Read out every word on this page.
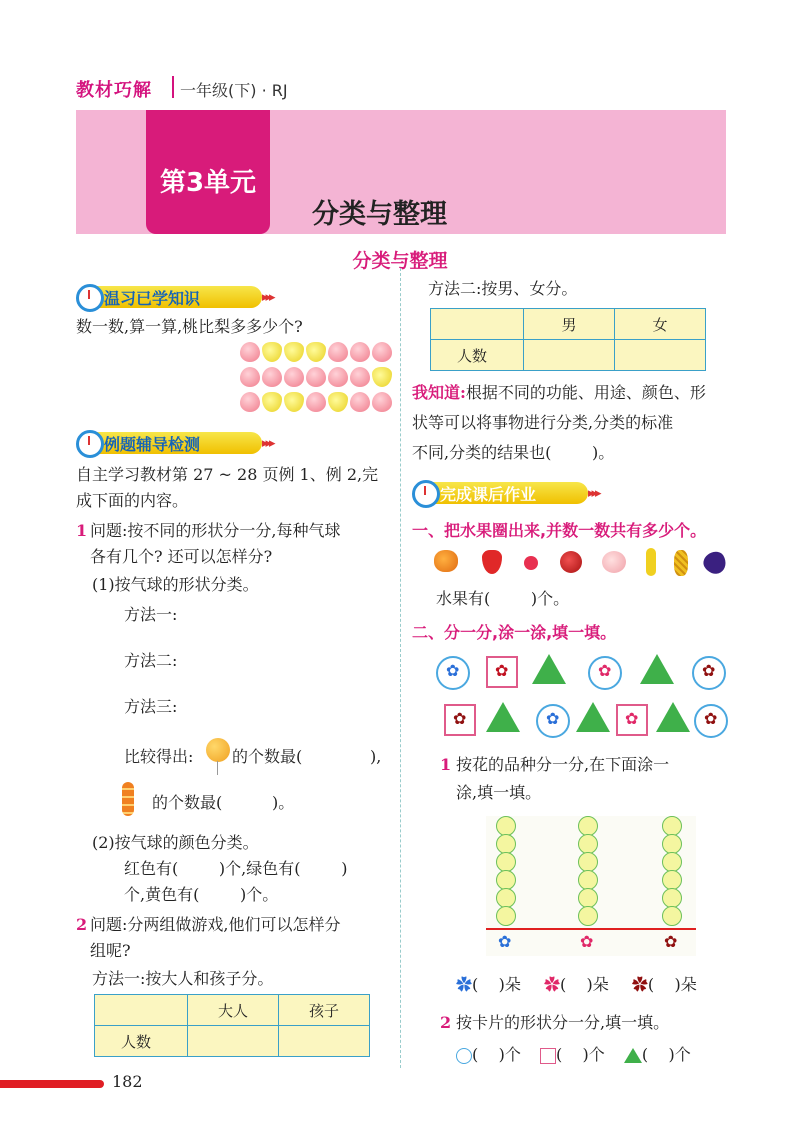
教材巧解 一年级(下) · RJ
第3单元
分类与整理
分类与整理
温习已学知识	▸▸▸
数一数,算一算,桃比梨多多少个?
例题辅导检测	▸▸▸
自主学习教材第 27 ~ 28 页例 1、例 2,完
成下面的内容。
1 问题:按不同的形状分一分,每种气球
各有几个? 还可以怎样分?
(1)按气球的形状分类。
方法一:
方法二:
方法三:
比较得出: 的个数最(	),
的个数最(	)。
(2)按气球的颜色分类。
红色有(        )个,绿色有(        )
个,黄色有(        )个。
2 问题:分两组做游戏,他们可以怎样分
组呢?
方法一:按大人和孩子分。
	大人	孩子
人数		
方法二:按男、女分。
	男	女
人数		
我知道:根据不同的功能、用途、颜色、形
状等可以将事物进行分类,分类的标准
不同,分类的结果也(        )。
完成课后作业	▸▸▸
一、把水果圈出来,并数一数共有多少个。
水果有(        )个。
二、分一分,涂一涂,填一填。
✿ ✿	✿	✿
✿	✿	✿	✿
1 按花的品种分一分,在下面涂一
涂,填一填。
✿	✿	✿
✿(    )朵 ✿(    )朵 ✿(    )朵
2 按卡片的形状分一分,填一填。
(    )个 (    )个 (    )个
182
